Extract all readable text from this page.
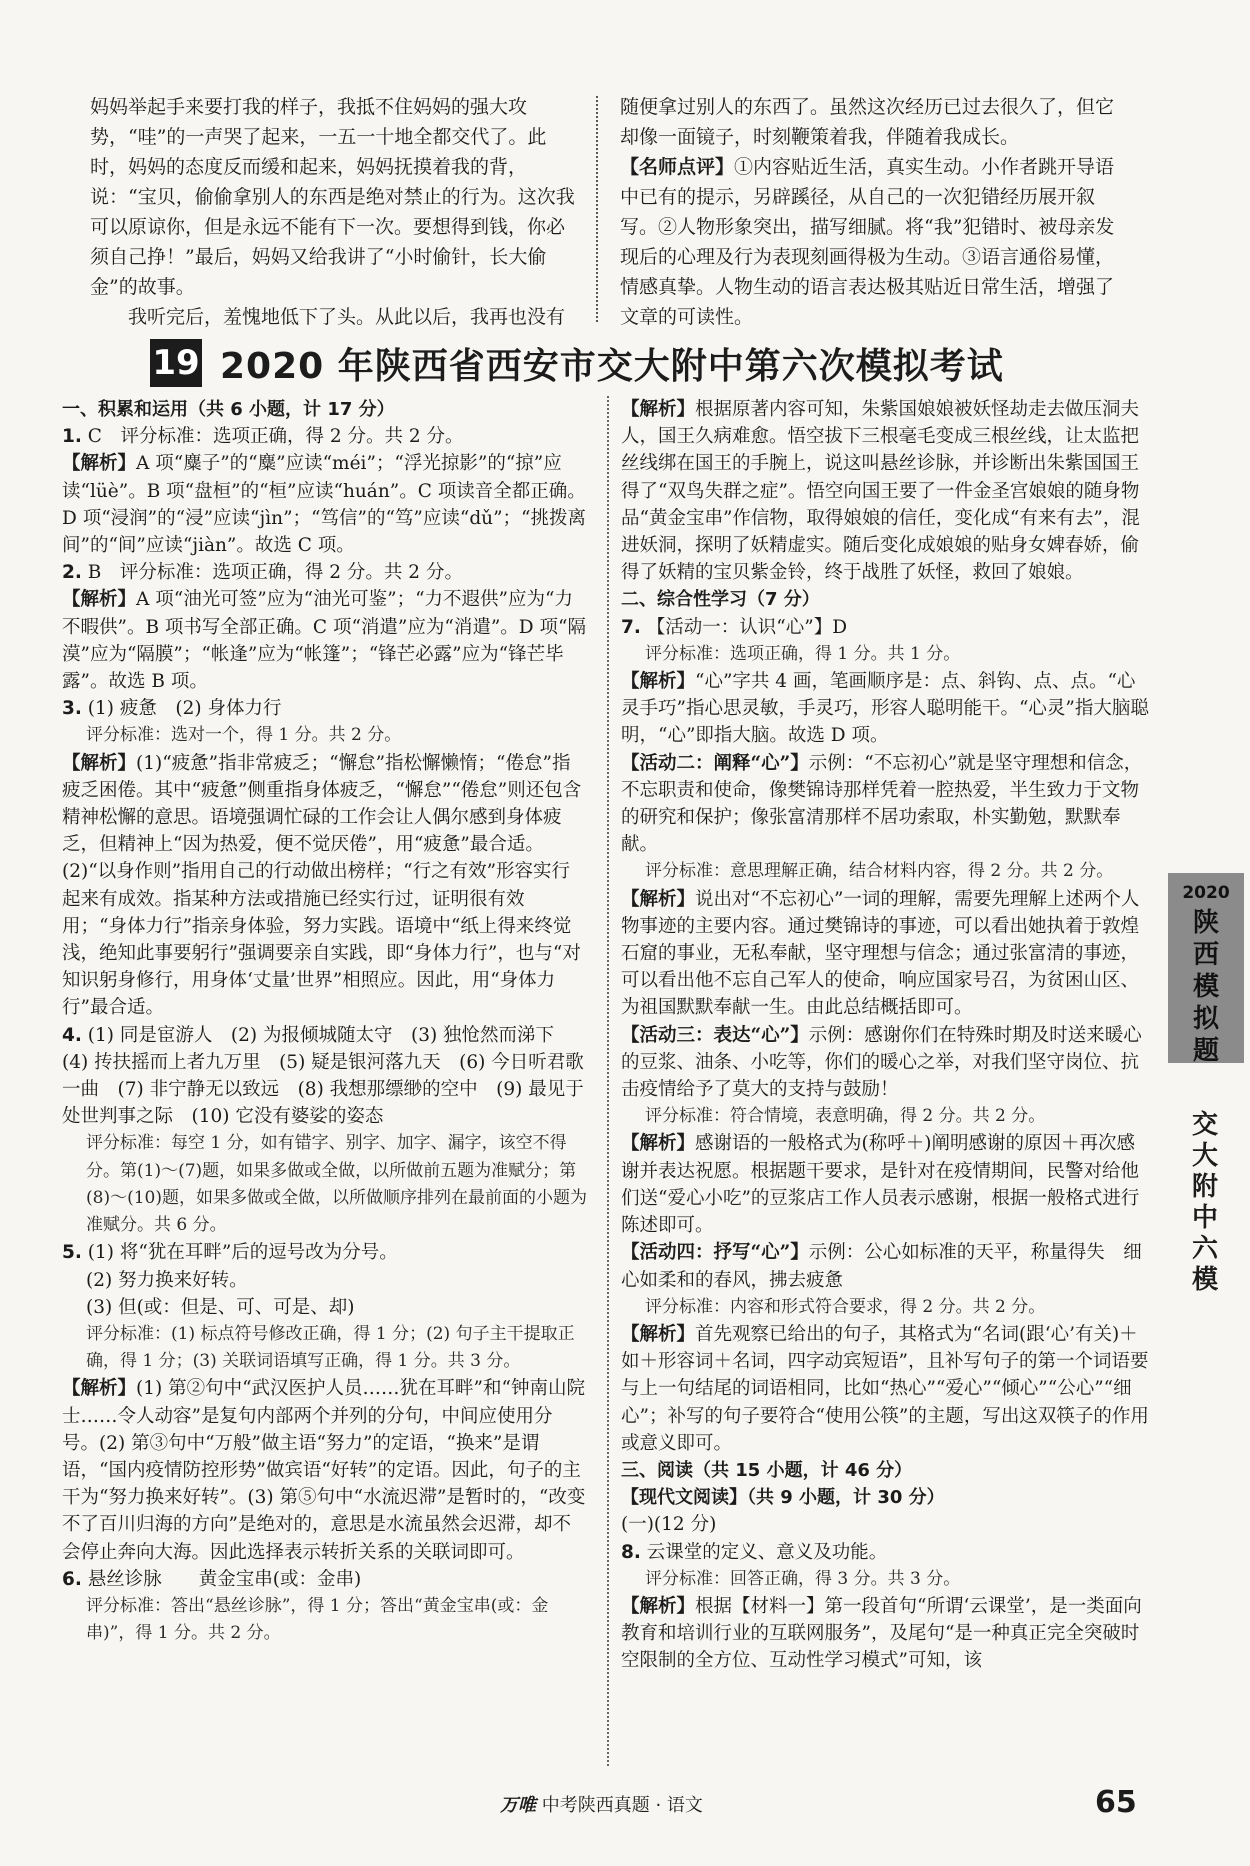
妈妈举起手来要打我的样子，我抵不住妈妈的强大攻势，“哇”的一声哭了起来，一五一十地全都交代了。此时，妈妈的态度反而缓和起来，妈妈抚摸着我的背，说：“宝贝，偷偷拿别人的东西是绝对禁止的行为。这次我可以原谅你，但是永远不能有下一次。要想得到钱，你必须自己挣！”最后，妈妈又给我讲了“小时偷针，长大偷金”的故事。

我听完后，羞愧地低下了头。从此以后，我再也没有

随便拿过别人的东西了。虽然这次经历已过去很久了，但它却像一面镜子，时刻鞭策着我，伴随着我成长。

【名师点评】①内容贴近生活，真实生动。小作者跳开导语中已有的提示，另辟蹊径，从自己的一次犯错经历展开叙写。②人物形象突出，描写细腻。将“我”犯错时、被母亲发现后的心理及行为表现刻画得极为生动。③语言通俗易懂，情感真挚。人物生动的语言表达极其贴近日常生活，增强了文章的可读性。

19 2020 年陕西省西安市交大附中第六次模拟考试

一、积累和运用（共 6 小题，计 17 分）

1. C　评分标准：选项正确，得 2 分。共 2 分。

【解析】A 项“麋子”的“麋”应读“méi”；“浮光掠影”的“掠”应读“lüè”。B 项“盘桓”的“桓”应读“huán”。C 项读音全都正确。D 项“浸润”的“浸”应读“jìn”；“笃信”的“笃”应读“dǔ”；“挑拨离间”的“间”应读“jiàn”。故选 C 项。

2. B　评分标准：选项正确，得 2 分。共 2 分。

【解析】A 项“油光可签”应为“油光可鉴”；“力不遐供”应为“力不暇供”。B 项书写全部正确。C 项“消遣”应为“消遣”。D 项“隔漠”应为“隔膜”；“帐逢”应为“帐篷”；“锋芒必露”应为“锋芒毕露”。故选 B 项。

3. (1) 疲惫　(2) 身体力行

评分标准：选对一个，得 1 分。共 2 分。

【解析】(1)“疲惫”指非常疲乏；“懈怠”指松懈懒惰；“倦怠”指疲乏困倦。其中“疲惫”侧重指身体疲乏，“懈怠”“倦怠”则还包含精神松懈的意思。语境强调忙碌的工作会让人偶尔感到身体疲乏，但精神上“因为热爱，便不觉厌倦”，用“疲惫”最合适。(2)“以身作则”指用自己的行动做出榜样；“行之有效”形容实行起来有成效。指某种方法或措施已经实行过，证明很有效用；“身体力行”指亲身体验，努力实践。语境中“纸上得来终觉浅，绝知此事要躬行”强调要亲自实践，即“身体力行”，也与“对知识躬身修行，用身体‘丈量’世界”相照应。因此，用“身体力行”最合适。

4. (1) 同是宦游人　(2) 为报倾城随太守　(3) 独怆然而涕下　(4) 抟扶摇而上者九万里　(5) 疑是银河落九天　(6) 今日听君歌一曲　(7) 非宁静无以致远　(8) 我想那缥缈的空中　(9) 最见于处世判事之际　(10) 它没有婆娑的姿态

评分标准：每空 1 分，如有错字、别字、加字、漏字，该空不得分。第(1)～(7)题，如果多做或全做，以所做前五题为准赋分；第(8)～(10)题，如果多做或全做，以所做顺序排列在最前面的小题为准赋分。共 6 分。

5. (1) 将“犹在耳畔”后的逗号改为分号。

(2) 努力换来好转。

(3) 但(或：但是、可、可是、却)

评分标准：(1) 标点符号修改正确，得 1 分；(2) 句子主干提取正确，得 1 分；(3) 关联词语填写正确，得 1 分。共 3 分。

【解析】(1) 第②句中“武汉医护人员……犹在耳畔”和“钟南山院士……令人动容”是复句内部两个并列的分句，中间应使用分号。(2) 第③句中“万般”做主语“努力”的定语，“换来”是谓语，“国内疫情防控形势”做宾语“好转”的定语。因此，句子的主干为“努力换来好转”。(3) 第⑤句中“水流迟滞”是暂时的，“改变不了百川归海的方向”是绝对的，意思是水流虽然会迟滞，却不会停止奔向大海。因此选择表示转折关系的关联词即可。

6. 悬丝诊脉　　黄金宝串(或：金串)

评分标准：答出“悬丝诊脉”，得 1 分；答出“黄金宝串(或：金串)”，得 1 分。共 2 分。

【解析】根据原著内容可知，朱紫国娘娘被妖怪劫走去做压洞夫人，国王久病难愈。悟空拔下三根毫毛变成三根丝线，让太监把丝线绑在国王的手腕上，说这叫悬丝诊脉，并诊断出朱紫国国王得了“双鸟失群之症”。悟空向国王要了一件金圣宫娘娘的随身物品“黄金宝串”作信物，取得娘娘的信任，变化成“有来有去”，混进妖洞，探明了妖精虚实。随后变化成娘娘的贴身女婢春娇，偷得了妖精的宝贝紫金铃，终于战胜了妖怪，救回了娘娘。

二、综合性学习（7 分）

7. 【活动一：认识“心”】D

评分标准：选项正确，得 1 分。共 1 分。

【解析】“心”字共 4 画，笔画顺序是：点、斜钩、点、点。“心灵手巧”指心思灵敏，手灵巧，形容人聪明能干。“心灵”指大脑聪明，“心”即指大脑。故选 D 项。

【活动二：阐释“心”】示例：“不忘初心”就是坚守理想和信念，不忘职责和使命，像樊锦诗那样凭着一腔热爱，半生致力于文物的研究和保护；像张富清那样不居功索取，朴实勤勉，默默奉献。

评分标准：意思理解正确，结合材料内容，得 2 分。共 2 分。

【解析】说出对“不忘初心”一词的理解，需要先理解上述两个人物事迹的主要内容。通过樊锦诗的事迹，可以看出她执着于敦煌石窟的事业，无私奉献，坚守理想与信念；通过张富清的事迹，可以看出他不忘自己军人的使命，响应国家号召，为贫困山区、为祖国默默奉献一生。由此总结概括即可。

【活动三：表达“心”】示例：感谢你们在特殊时期及时送来暖心的豆浆、油条、小吃等，你们的暖心之举，对我们坚守岗位、抗击疫情给予了莫大的支持与鼓励！

评分标准：符合情境，表意明确，得 2 分。共 2 分。

【解析】感谢语的一般格式为(称呼＋)阐明感谢的原因＋再次感谢并表达祝愿。根据题干要求，是针对在疫情期间，民警对给他们送“爱心小吃”的豆浆店工作人员表示感谢，根据一般格式进行陈述即可。

【活动四：抒写“心”】示例：公心如标准的天平，称量得失　细心如柔和的春风，拂去疲惫

评分标准：内容和形式符合要求，得 2 分。共 2 分。

【解析】首先观察已给出的句子，其格式为“名词(跟‘心’有关)＋如＋形容词＋名词，四字动宾短语”，且补写句子的第一个词语要与上一句结尾的词语相同，比如“热心”“爱心”“倾心”“公心”“细心”；补写的句子要符合“使用公筷”的主题，写出这双筷子的作用或意义即可。

三、阅读（共 15 小题，计 46 分）

【现代文阅读】（共 9 小题，计 30 分）

(一)(12 分)

8. 云课堂的定义、意义及功能。

评分标准：回答正确，得 3 分。共 3 分。

【解析】根据【材料一】第一段首句“所谓‘云课堂’，是一类面向教育和培训行业的互联网服务”，及尾句“是一种真正完全突破时空限制的全方位、互动性学习模式”可知，该

2020
陕西模拟题
交大附中六模
万唯 中考陕西真题 · 语文	65
